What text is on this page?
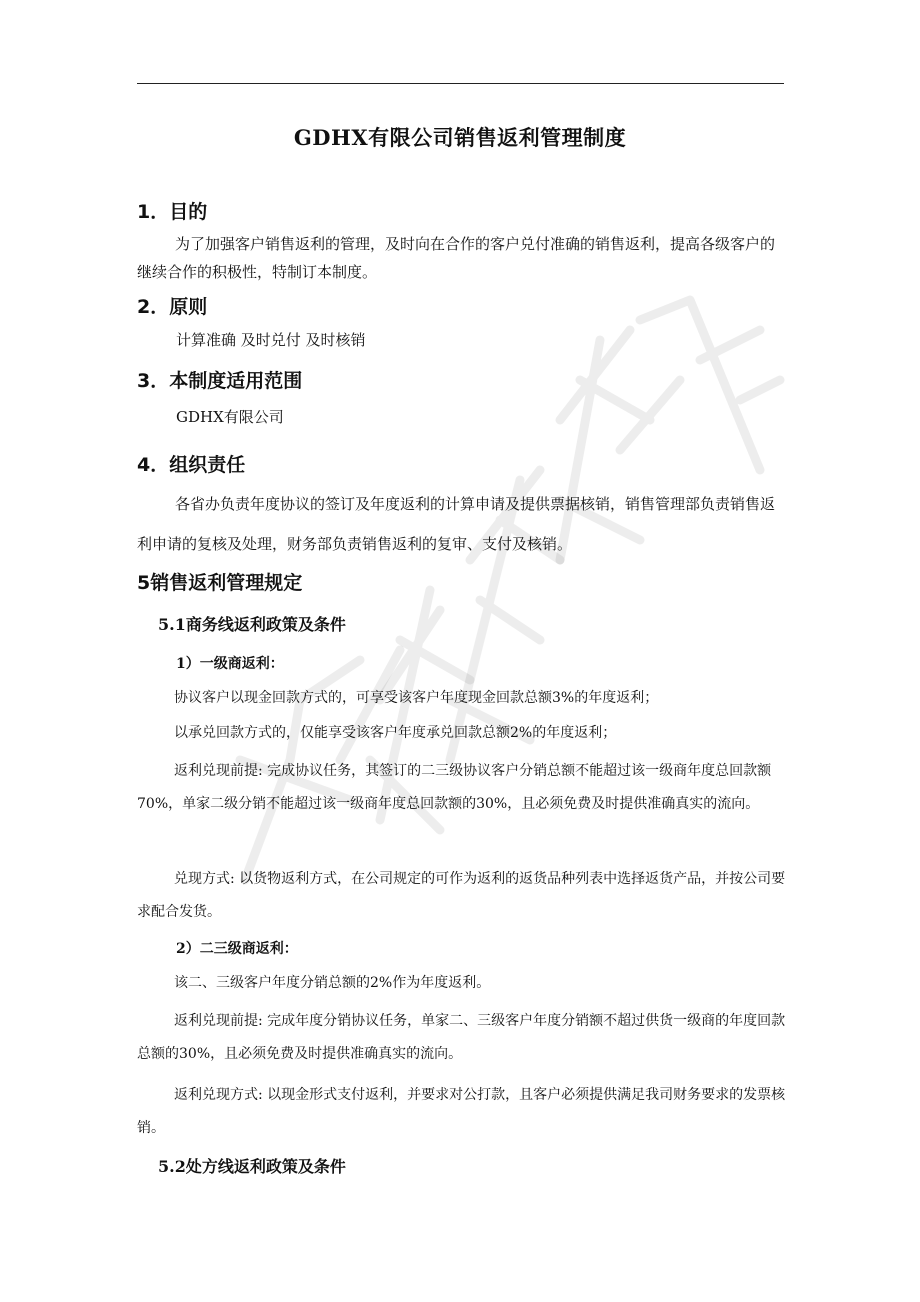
GDHX有限公司销售返利管理制度
1．目的
为了加强客户销售返利的管理，及时向在合作的客户兑付准确的销售返利，提高各级客户的继续合作的积极性，特制订本制度。
2．原则
计算准确 及时兑付 及时核销
3．本制度适用范围
GDHX有限公司
4．组织责任
各省办负责年度协议的签订及年度返利的计算申请及提供票据核销，销售管理部负责销售返利申请的复核及处理，财务部负责销售返利的复审、支付及核销。
5销售返利管理规定
5.1商务线返利政策及条件
1）一级商返利：
协议客户以现金回款方式的，可享受该客户年度现金回款总额3%的年度返利；
以承兑回款方式的，仅能享受该客户年度承兑回款总额2%的年度返利；
返利兑现前提: 完成协议任务，其签订的二三级协议客户分销总额不能超过该一级商年度总回款额70%，单家二级分销不能超过该一级商年度总回款额的30%，且必须免费及时提供准确真实的流向。
兑现方式: 以货物返利方式，在公司规定的可作为返利的返货品种列表中选择返货产品，并按公司要求配合发货。
2）二三级商返利：
该二、三级客户年度分销总额的2%作为年度返利。
返利兑现前提: 完成年度分销协议任务，单家二、三级客户年度分销额不超过供货一级商的年度回款总额的30%，且必须免费及时提供准确真实的流向。
返利兑现方式: 以现金形式支付返利，并要求对公打款，且客户必须提供满足我司财务要求的发票核销。
5.2处方线返利政策及条件
